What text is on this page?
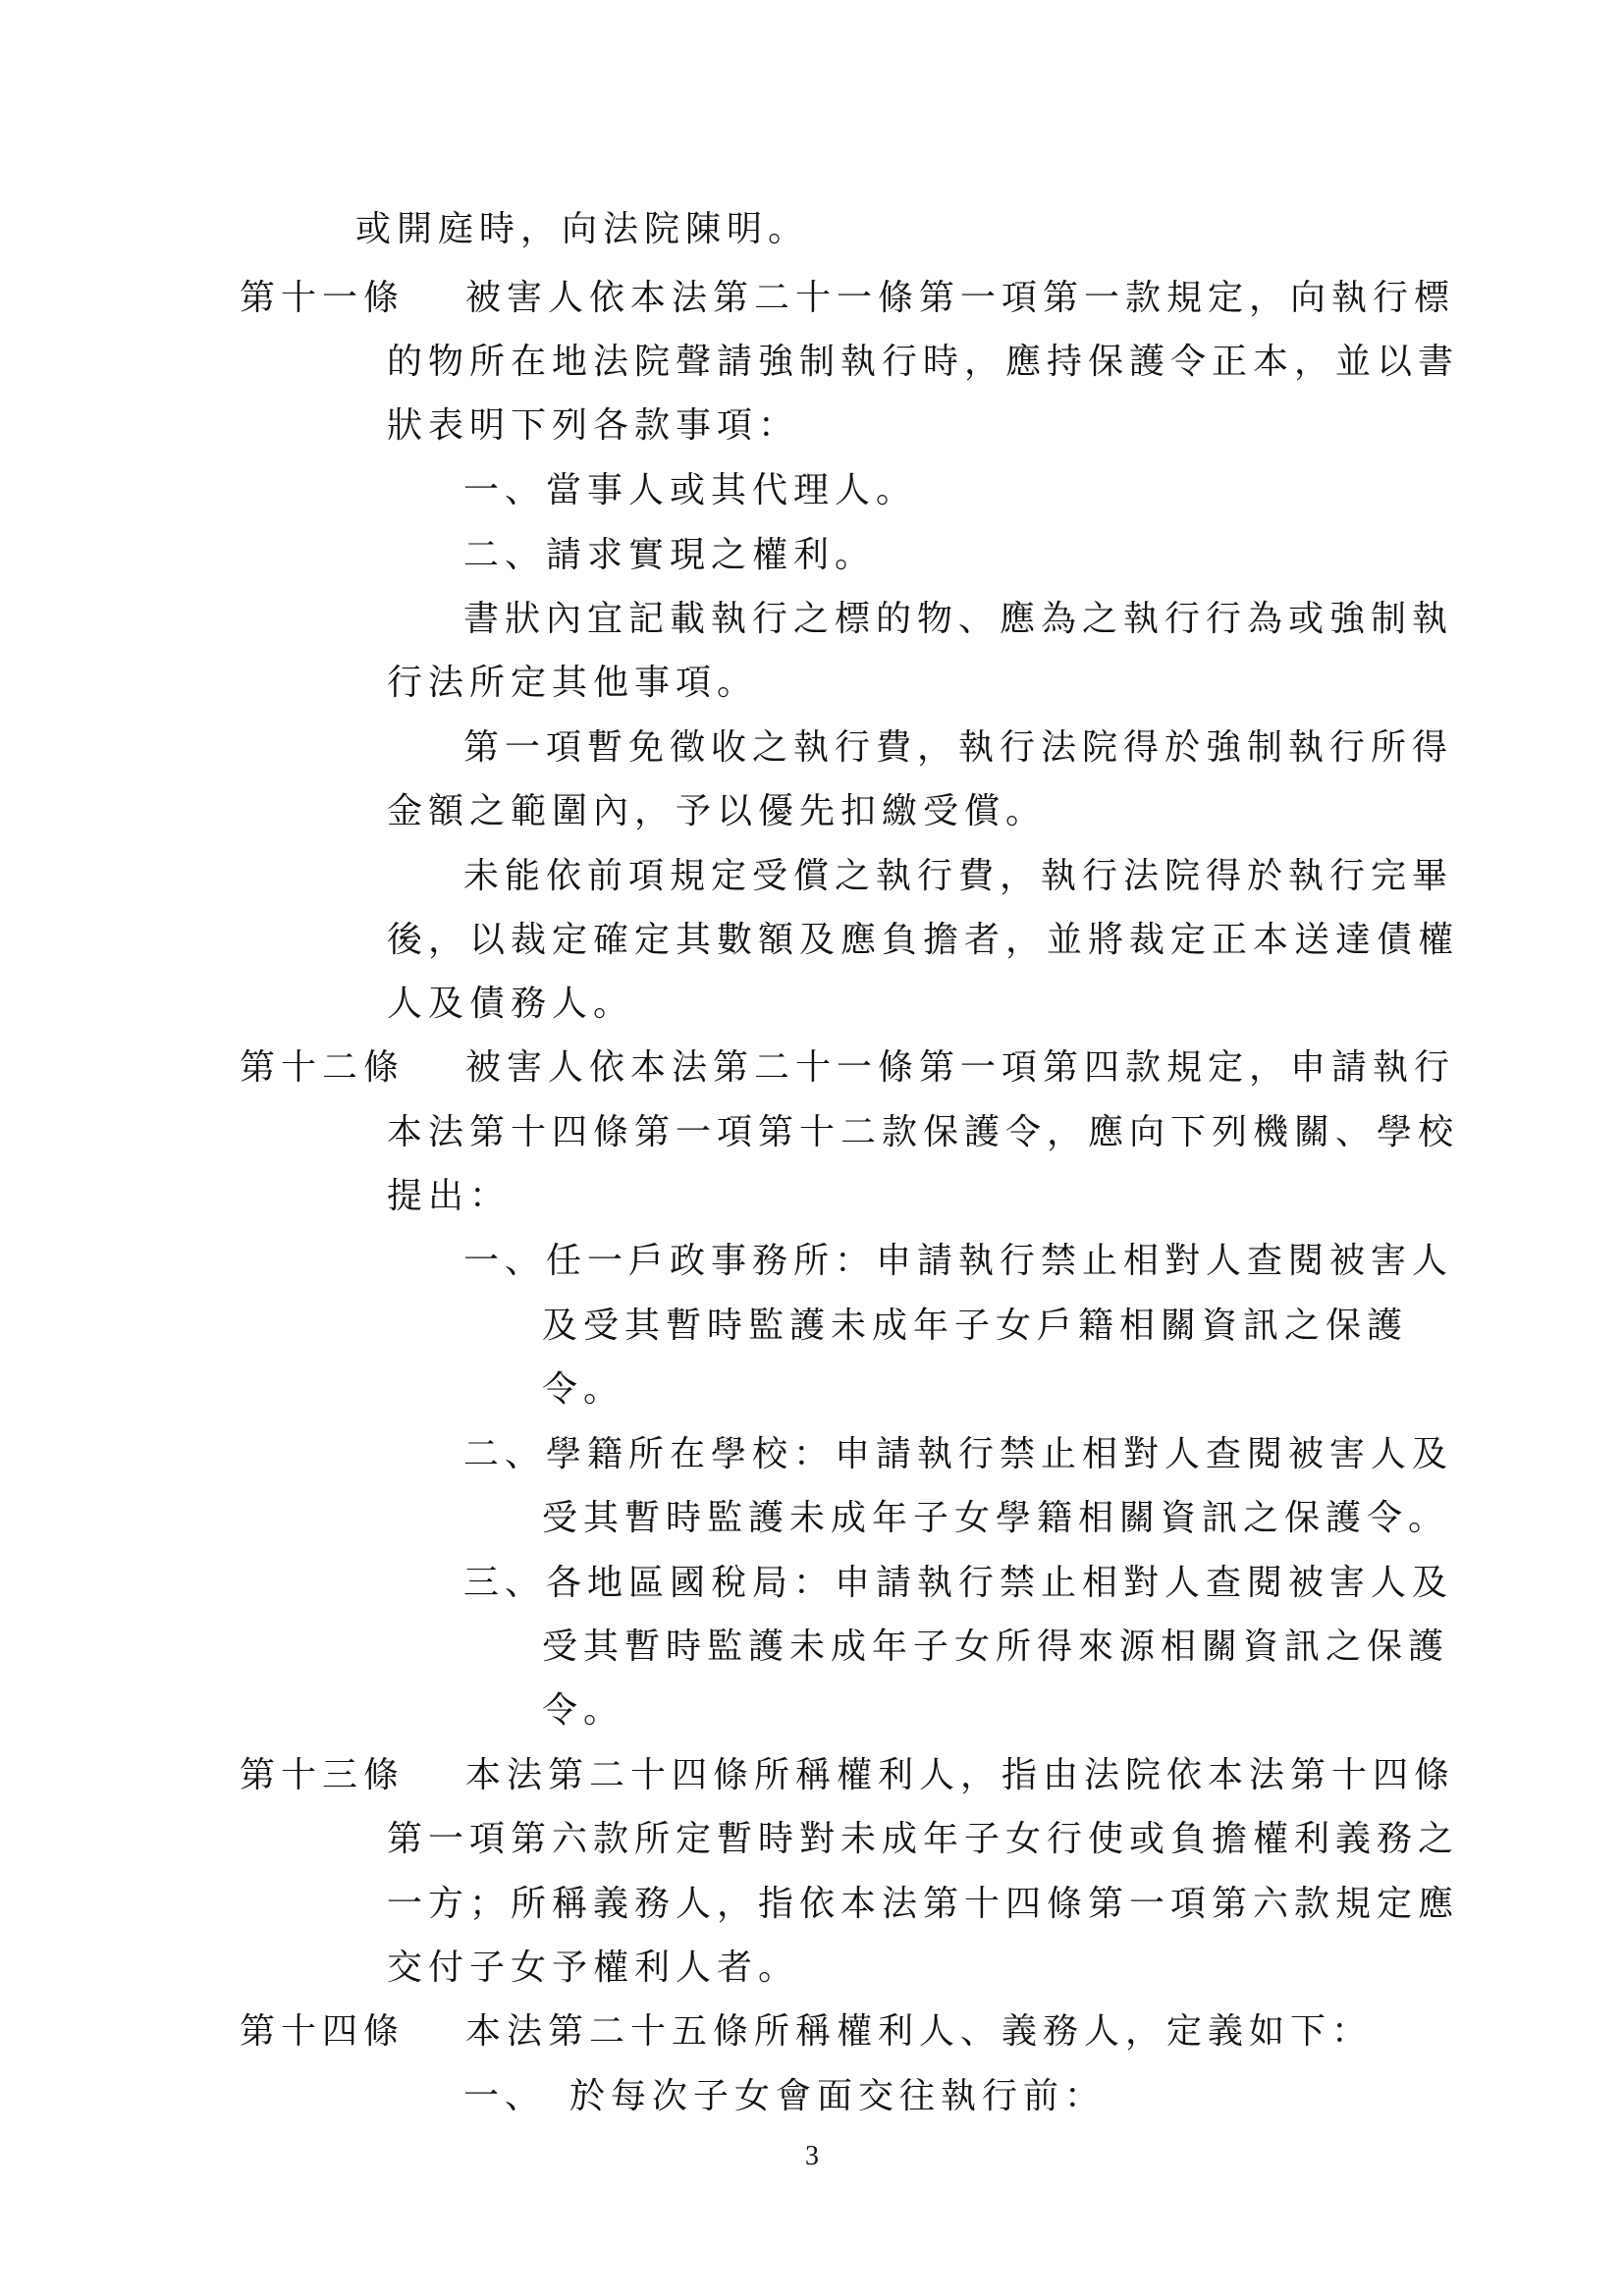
或開庭時，向法院陳明。
第十一條 被害人依本法第二十一條第一項第一款規定，向執行標
的物所在地法院聲請強制執行時，應持保護令正本，並以書
狀表明下列各款事項：
一、當事人或其代理人。
二、請求實現之權利。
書狀內宜記載執行之標的物、應為之執行行為或強制執
行法所定其他事項。
第一項暫免徵收之執行費，執行法院得於強制執行所得
金額之範圍內，予以優先扣繳受償。
未能依前項規定受償之執行費，執行法院得於執行完畢
後，以裁定確定其數額及應負擔者，並將裁定正本送達債權
人及債務人。
第十二條 被害人依本法第二十一條第一項第四款規定，申請執行
本法第十四條第一項第十二款保護令，應向下列機關、學校
提出：
一、任一戶政事務所：申請執行禁止相對人查閱被害人
及受其暫時監護未成年子女戶籍相關資訊之保護
令。
二、學籍所在學校：申請執行禁止相對人查閱被害人及
受其暫時監護未成年子女學籍相關資訊之保護令。
三、各地區國稅局：申請執行禁止相對人查閱被害人及
受其暫時監護未成年子女所得來源相關資訊之保護
令。
第十三條 本法第二十四條所稱權利人，指由法院依本法第十四條
第一項第六款所定暫時對未成年子女行使或負擔權利義務之
一方；所稱義務人，指依本法第十四條第一項第六款規定應
交付子女予權利人者。
第十四條 本法第二十五條所稱權利人、義務人，定義如下：
一、　於每次子女會面交往執行前：
3
